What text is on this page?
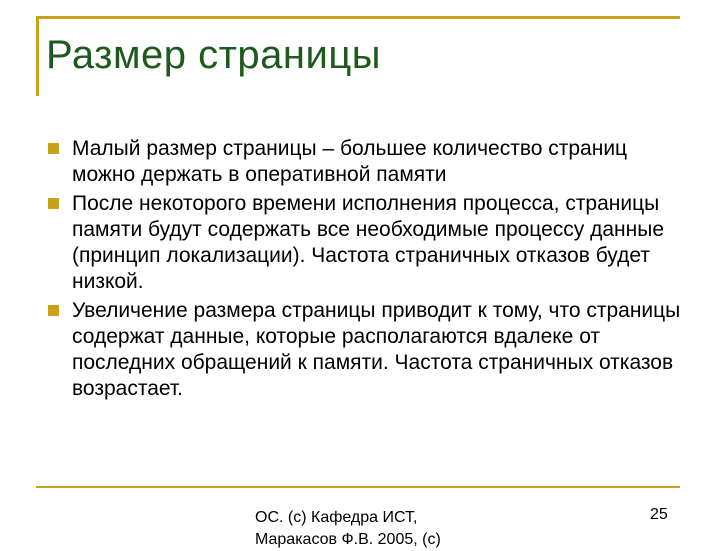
Размер страницы
Малый размер страницы – большее количество страниц можно держать в оперативной памяти
После некоторого времени исполнения процесса, страницы памяти будут содержать все необходимые процессу данные (принцип локализации). Частота страничных отказов будет низкой.
Увеличение размера страницы приводит к тому, что страницы содержат данные, которые располагаются вдалеке от последних обращений к памяти. Частота страничных отказов возрастает.
ОС. (c) Кафедра ИСТ, Маракасов Ф.В. 2005, (c)
25
